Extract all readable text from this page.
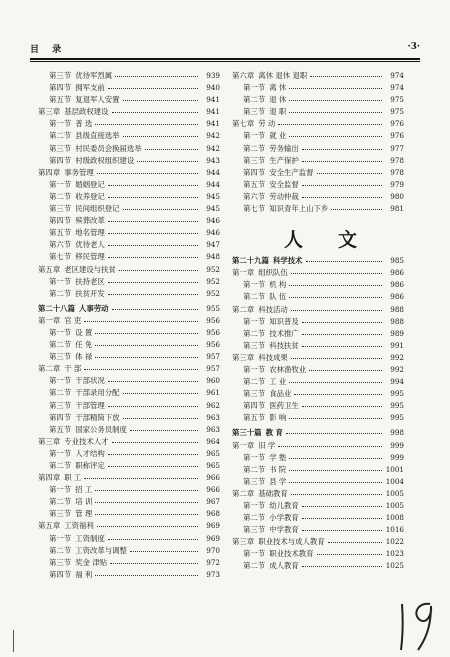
目 录	·3·
第三节 优待军烈属	939
第四节 拥军支前	940
第五节 复退军人安置	941
第三章 基层政权建设	941
第一节 普 选	941
第二节 县级直接选举	942
第三节 村民委员会换届选举	942
第四节 村级政权组织建设	943
第四章 事务管理	944
第一节 婚姻登记	944
第二节 收养登记	945
第三节 民间组织登记	945
第四节 殡葬改革	946
第五节 地名管理	946
第六节 优待老人	947
第七节 移民管理	948
第五章 老区建设与扶贫	952
第一节 扶持老区	952
第二节 扶贫开发	952
第二十八篇 人事劳动	955
第一章 官 吏	956
第一节 设 置	956
第二节 任 免	956
第三节 体 禄	957
第二章 干 部	957
第一节 干部状况	960
第二节 干部录用分配	961
第三节 干部管理	962
第四节 干部精简下放	963
第五节 国家公务员制度	963
第三章 专业技术人才	964
第一节 人才结构	965
第二节 职称评定	965
第四章 职 工	966
第一节 招 工	966
第二节 培 训	967
第三节 管 理	968
第五章 工资福利	969
第一节 工资制度	969
第二节 工资改革与调整	970
第三节 奖金 津贴	972
第四节 福 利	973
第六章 离休 退休 退职	974
第一节 离 休	974
第二节 退 休	975
第三节 退 职	975
第七章 劳 动	976
第一节 就 业	976
第二节 劳务输出	977
第三节 生产保护	978
第四节 安全生产监督	978
第五节 安全监督	979
第六节 劳动仲裁	980
第七节 知识青年上山下乡	981
人 文
第二十九篇 科学技术	985
第一章 组织队伍	986
第一节 机 构	986
第二节 队 伍	986
第二章 科技活动	988
第一节 知识普及	988
第二节 技术推广	989
第三节 科技扶贫	991
第三章 科技成果	992
第一节 农林渔牧业	992
第二节 工 业	994
第三节 食品业	995
第四节 医药卫生	995
第五节 影 响	995
第三十篇 教 育	998
第一章 旧 学	999
第一节 学 塾	999
第二节 书 院	1001
第三节 县 学	1004
第二章 基础教育	1005
第一节 幼儿教育	1005
第二节 小学教育	1008
第三节 中学教育	1016
第三章 职业技术与成人教育	1022
第一节 职业技术教育	1023
第二节 成人教育	1025
